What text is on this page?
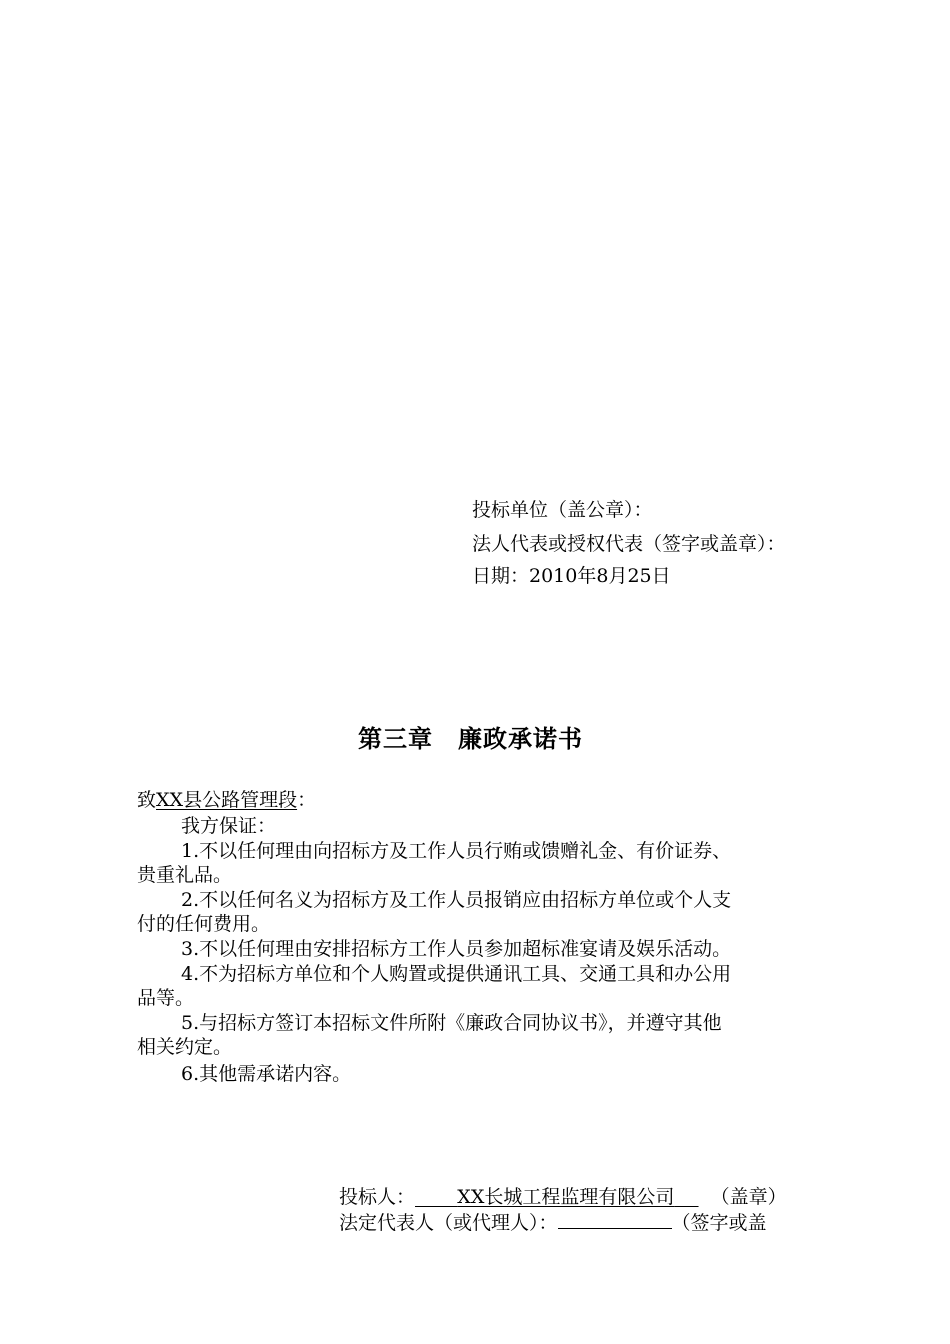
投标单位（盖公章）：
法人代表或授权代表（签字或盖章）：
日期：2010年8月25日
第三章　廉政承诺书
致XX县公路管理段：
我方保证：
1.不以任何理由向招标方及工作人员行贿或馈赠礼金、有价证券、
贵重礼品。
2.不以任何名义为招标方及工作人员报销应由招标方单位或个人支
付的任何费用。
3.不以任何理由安排招标方工作人员参加超标准宴请及娱乐活动。
4.不为招标方单位和个人购置或提供通讯工具、交通工具和办公用
品等。
5.与招标方签订本招标文件所附《廉政合同协议书》，并遵守其他
相关约定。
6.其他需承诺内容。
投标人： XX长城工程监理有限公司 （盖章）
法定代表人（或代理人）：	（签字或盖
